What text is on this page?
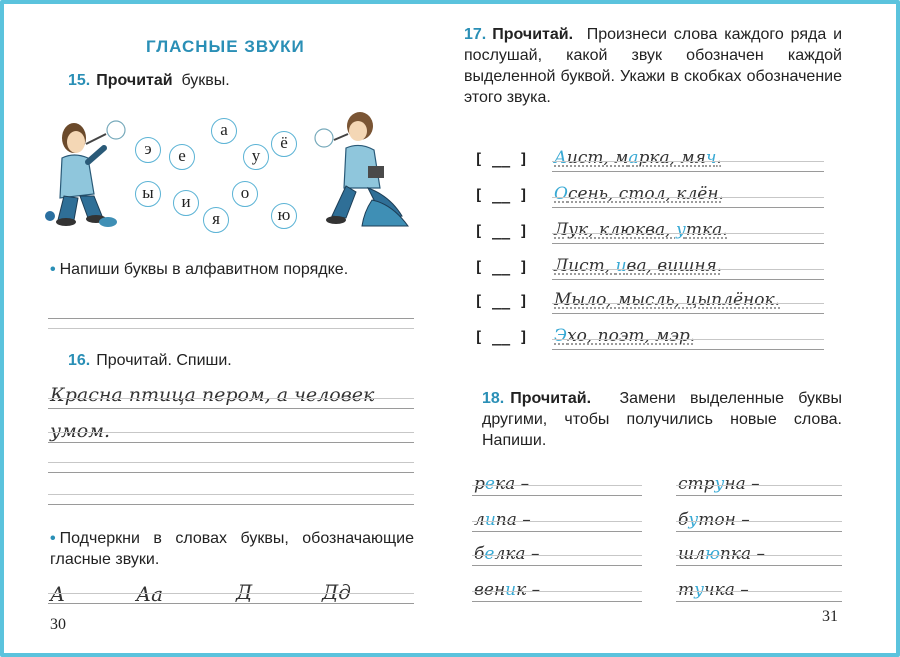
ГЛАСНЫЕ ЗВУКИ
15. Прочитай буквы.
а
э	е	у
ё
ы	и	о
я	ю
• Напиши буквы в алфавитном порядке.
16. Прочитай. Спиши.
Красна птица пером, а человек
умом.
• Подчеркни в словах буквы, обозначающие гласные звуки.
А	Аа	Д	Дд
30
17. Прочитай. Произнеси слова каждого ряда и послушай, какой звук обозначен каждой выделенной буквой. Укажи в скобках обозначение этого звука.
[ __ ] Аист, марка, мяч.
[ __ ] Осень, стол, клён.
[ __ ] Лук, клюква, утка.
[ __ ] Лист, ива, вишня.
[ __ ] Мыло, мысль, цыплёнок.
[ __ ] Эхо, поэт, мэр.
18. Прочитай. Замени выделенные буквы другими, чтобы получились новые слова. Напиши.
река –
липа –
белка –
веник –
струна –
бутон –
шлюпка –
тучка –
31
